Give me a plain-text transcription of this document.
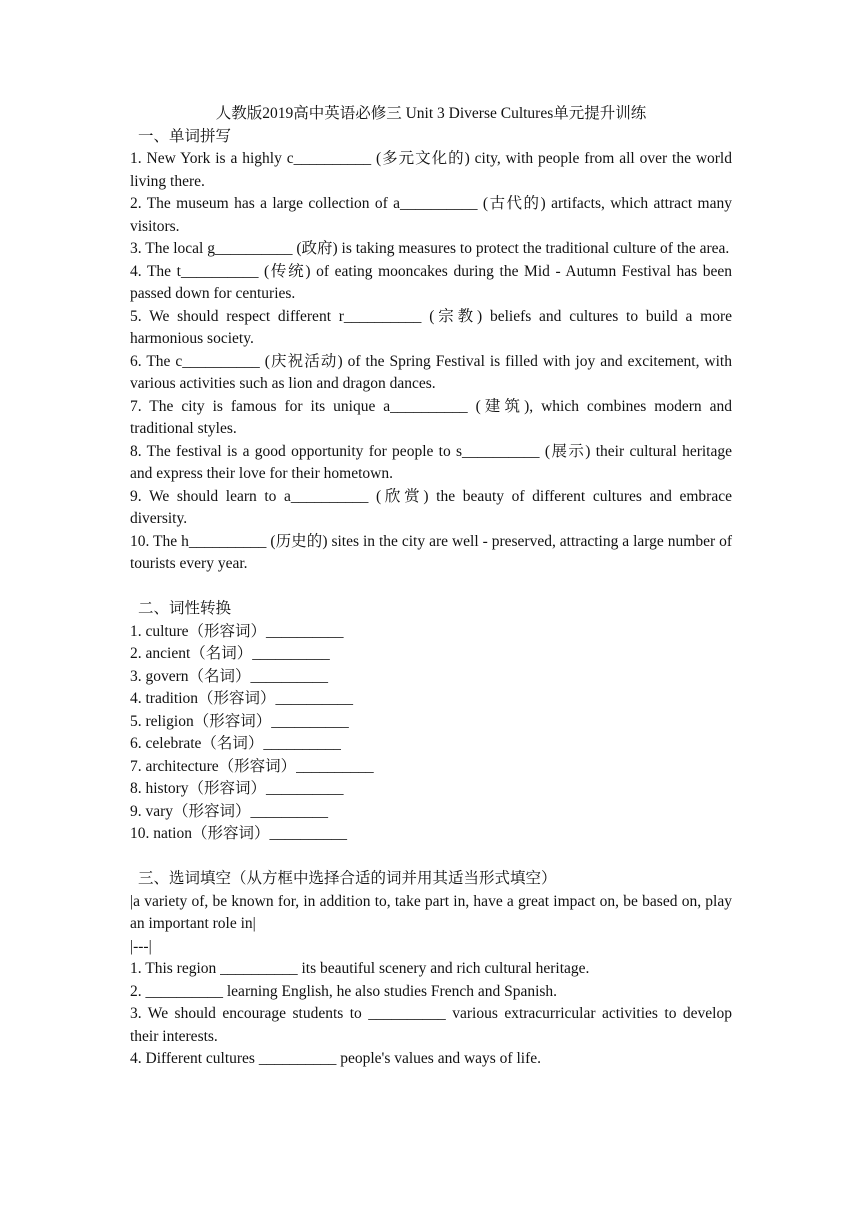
人教版2019高中英语必修三 Unit 3 Diverse Cultures单元提升训练

一、单词拼写

1. New York is a highly c__________ (多元文化的) city, with people from all over the world living there.

2. The museum has a large collection of a__________ (古代的) artifacts, which attract many visitors.

3. The local g__________ (政府) is taking measures to protect the traditional culture of the area.

4. The t__________ (传统) of eating mooncakes during the Mid - Autumn Festival has been passed down for centuries.

5. We should respect different r__________ (宗教) beliefs and cultures to build a more harmonious society.

6. The c__________ (庆祝活动) of the Spring Festival is filled with joy and excitement, with various activities such as lion and dragon dances.

7. The city is famous for its unique a__________ (建筑), which combines modern and traditional styles.

8. The festival is a good opportunity for people to s__________ (展示) their cultural heritage and express their love for their hometown.

9. We should learn to a__________ (欣赏) the beauty of different cultures and embrace diversity.

10. The h__________ (历史的) sites in the city are well - preserved, attracting a large number of tourists every year.

二、词性转换

1. culture（形容词）__________

2. ancient（名词）__________

3. govern（名词）__________

4. tradition（形容词）__________

5. religion（形容词）__________

6. celebrate（名词）__________

7. architecture（形容词）__________

8. history（形容词）__________

9. vary（形容词）__________

10. nation（形容词）__________

三、选词填空（从方框中选择合适的词并用其适当形式填空）

|a variety of, be known for, in addition to, take part in, have a great impact on, be based on, play an important role in|

|---|

1. This region __________ its beautiful scenery and rich cultural heritage.

2. __________ learning English, he also studies French and Spanish.

3. We should encourage students to __________ various extracurricular activities to develop their interests.

4. Different cultures __________ people's values and ways of life.
